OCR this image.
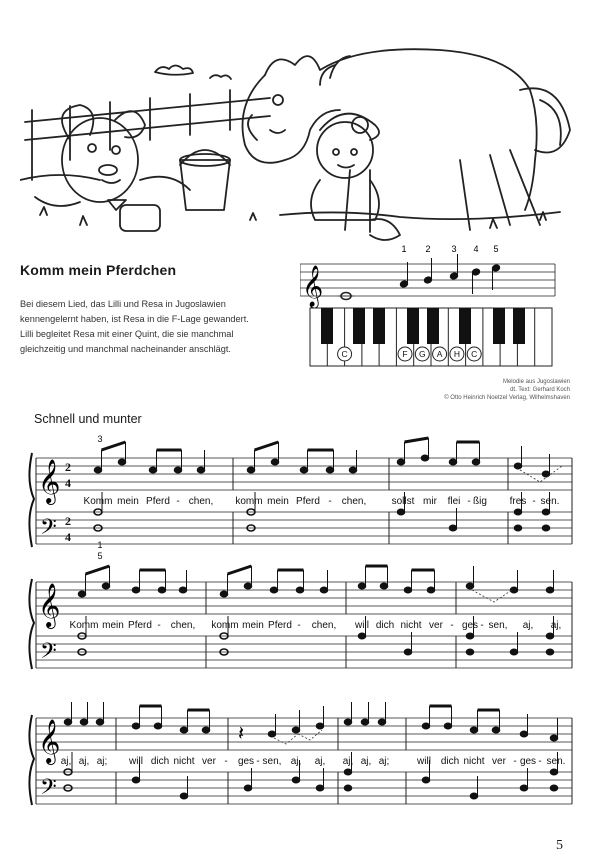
Komm mein Pferdchen

Bei diesem Lied, das Lilli und Resa in Jugoslawien

kennengelernt haben, ist Resa in die F-Lage gewandert.

Lilli begleitet Resa mit einer Quint, die sie manchmal

gleichzeitig und manchmal nacheinander anschlägt.

1 2 3 4 5
𝄞
C	F G A H C

Melodie aus Jugoslawien

dt. Text: Gerhard Koch

© Otto Heinrich Noetzel Verlag, Wilhelmshaven

Schnell und munter
𝄞
𝄢
2
4
2
4
3
1
5
Komm mein Pferd - chen, komm mein Pferd - chen,	sollst mir flei - ßig fres - sen.
𝄞
𝄢
Komm mein Pferd - chen, komm mein Pferd - chen, will dich nicht ver - ges - sen, aj, aj,
𝄞
𝄢
𝄽
aj, aj, aj; will dich nicht ver - ges - sen, aj, aj, aj, aj, aj;	will dich nicht ver - ges - sen.
5
